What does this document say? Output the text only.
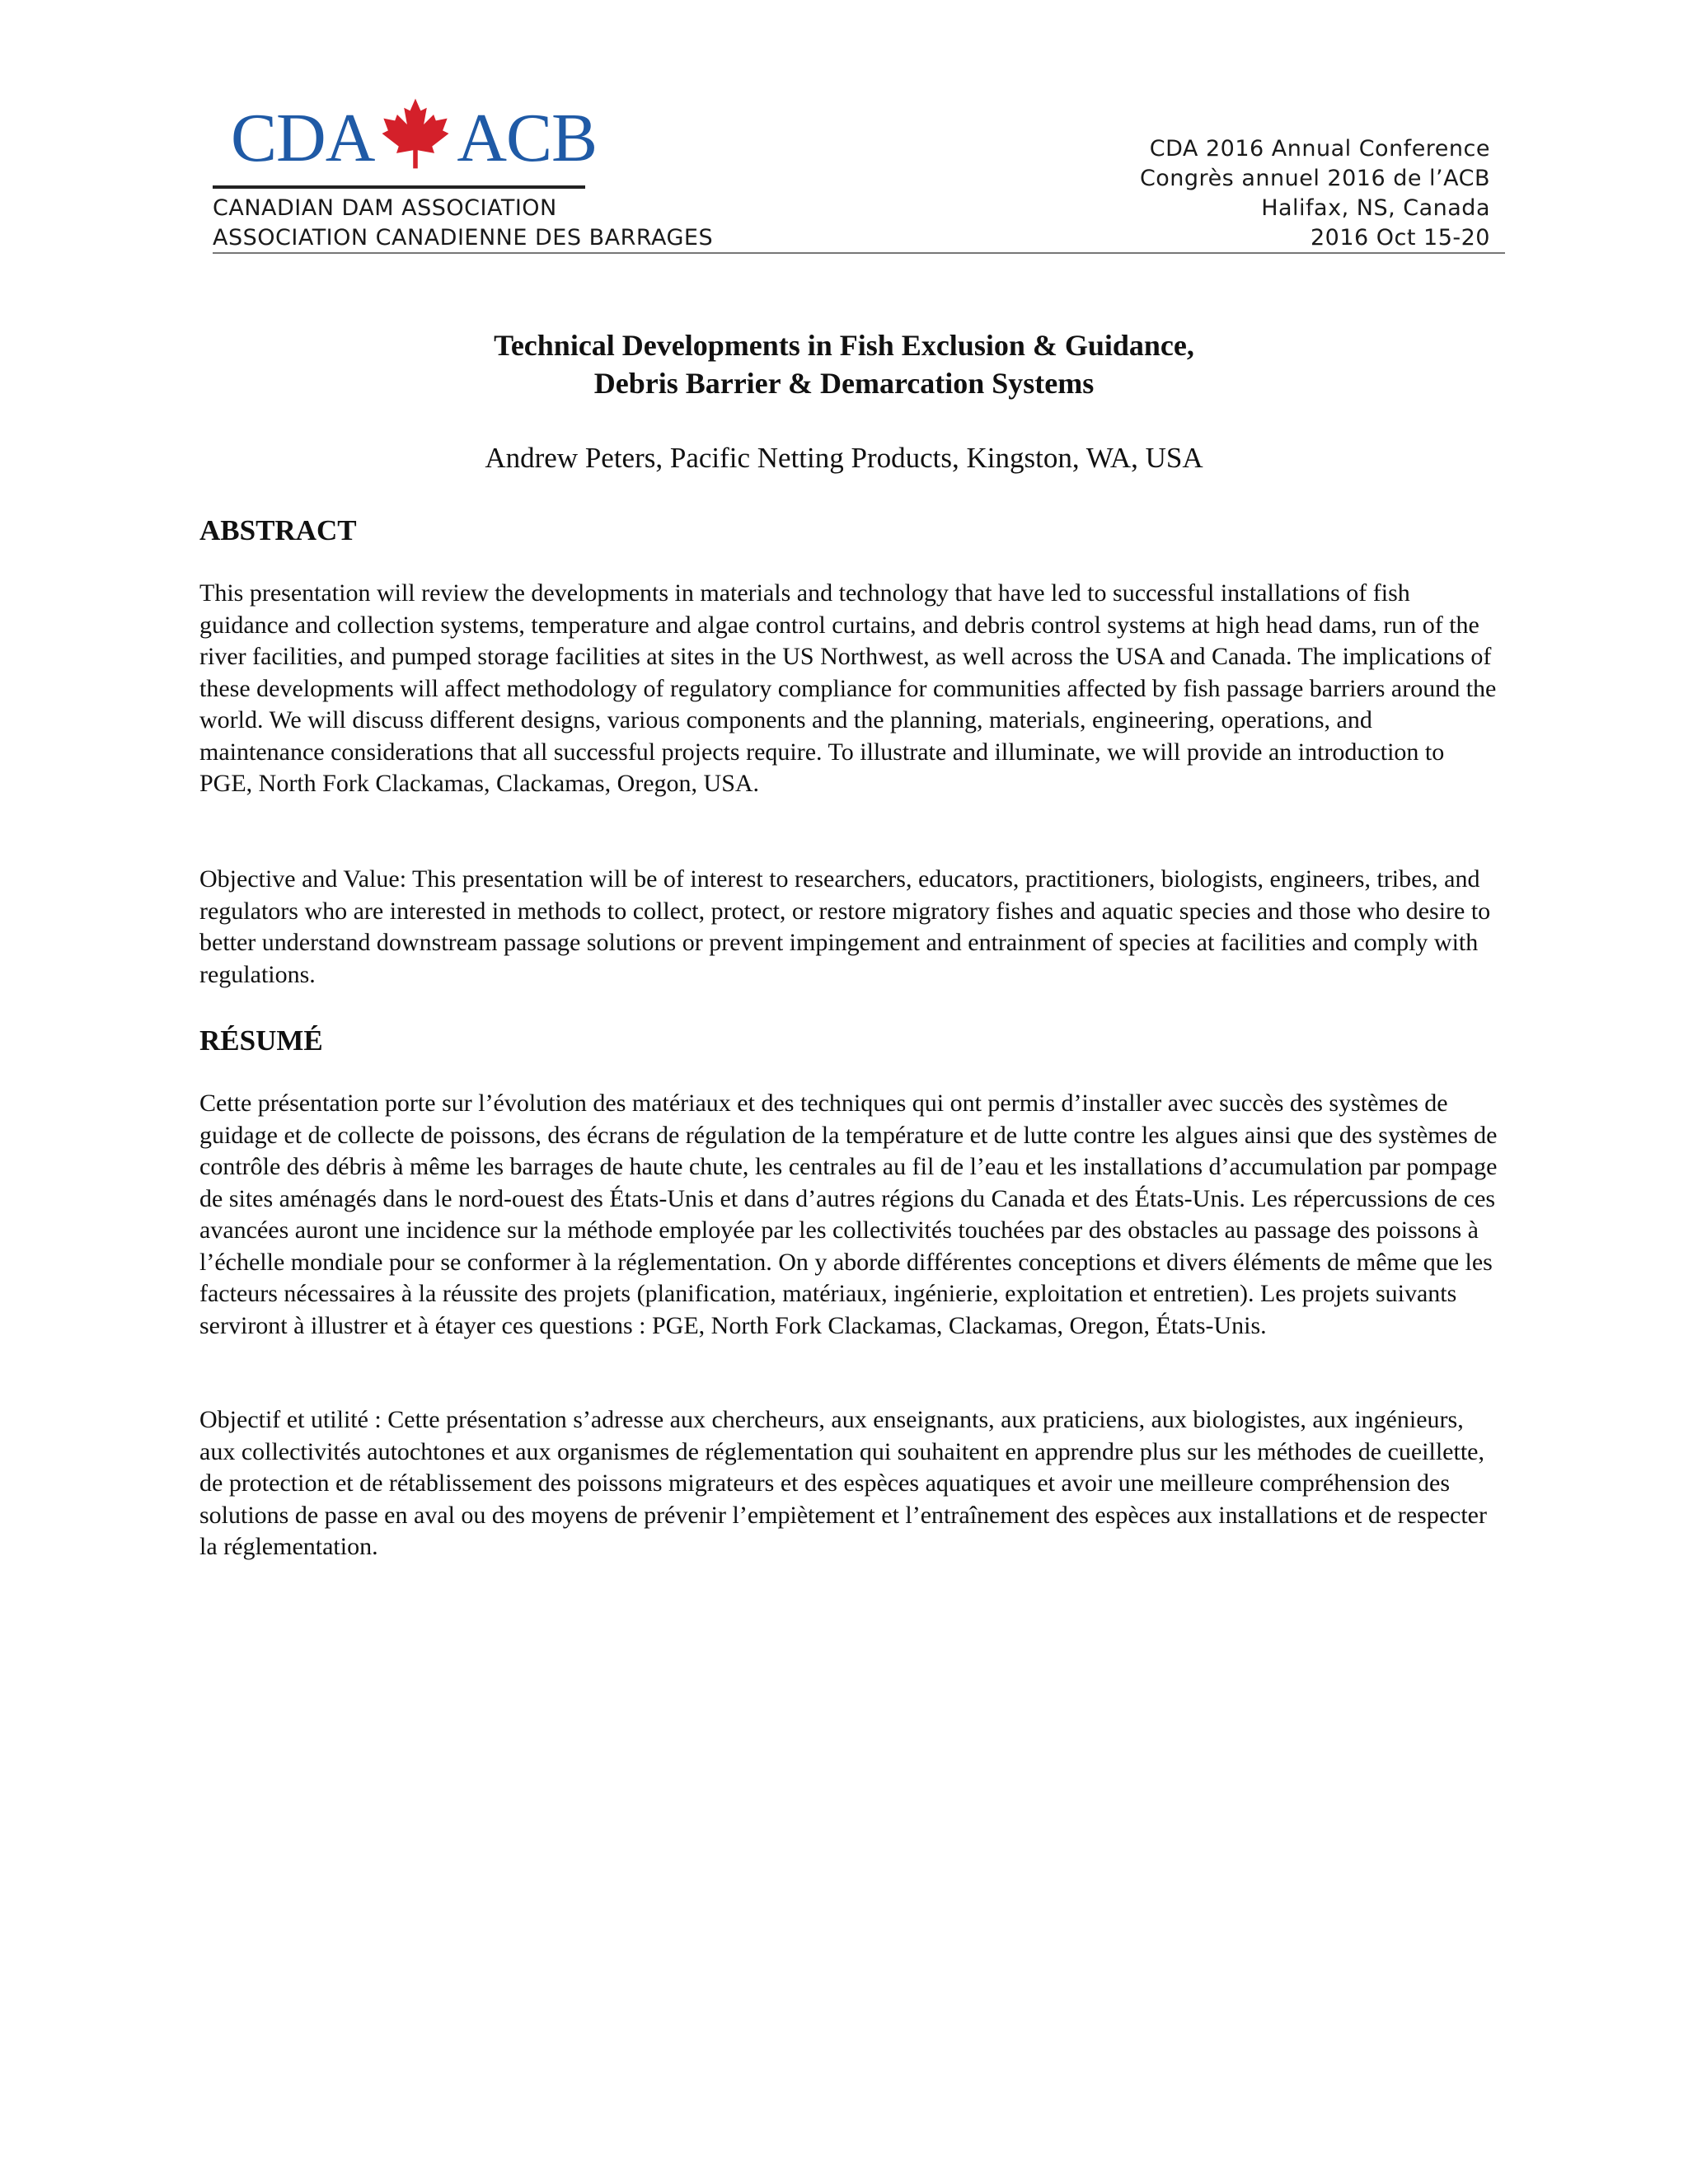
CDA ACB
CANADIAN DAM ASSOCIATION
ASSOCIATION CANADIENNE DES BARRAGES
CDA 2016 Annual Conference
Congrès annuel 2016 de l’ACB
Halifax, NS, Canada
2016 Oct 15-20
Technical Developments in Fish Exclusion & Guidance,
Debris Barrier & Demarcation Systems
Andrew Peters, Pacific Netting Products, Kingston, WA, USA
ABSTRACT
This presentation will review the developments in materials and technology that have led to successful installations of fish guidance and collection systems, temperature and algae control curtains, and debris control systems at high head dams, run of the river facilities, and pumped storage facilities at sites in the US Northwest, as well across the USA and Canada. The implications of these developments will affect methodology of regulatory compliance for communities affected by fish passage barriers around the world. We will discuss different designs, various components and the planning, materials, engineering, operations, and maintenance considerations that all successful projects require. To illustrate and illuminate, we will provide an introduction to PGE, North Fork Clackamas, Clackamas, Oregon, USA.
Objective and Value: This presentation will be of interest to researchers, educators, practitioners, biologists, engineers, tribes, and regulators who are interested in methods to collect, protect, or restore migratory fishes and aquatic species and those who desire to better understand downstream passage solutions or prevent impingement and entrainment of species at facilities and comply with regulations.
RÉSUMÉ
Cette présentation porte sur l’évolution des matériaux et des techniques qui ont permis d’installer avec succès des systèmes de guidage et de collecte de poissons, des écrans de régulation de la température et de lutte contre les algues ainsi que des systèmes de contrôle des débris à même les barrages de haute chute, les centrales au fil de l’eau et les installations d’accumulation par pompage de sites aménagés dans le nord-ouest des États-Unis et dans d’autres régions du Canada et des États-Unis. Les répercussions de ces avancées auront une incidence sur la méthode employée par les collectivités touchées par des obstacles au passage des poissons à l’échelle mondiale pour se conformer à la réglementation. On y aborde différentes conceptions et divers éléments de même que les facteurs nécessaires à la réussite des projets (planification, matériaux, ingénierie, exploitation et entretien). Les projets suivants serviront à illustrer et à étayer ces questions : PGE, North Fork Clackamas, Clackamas, Oregon, États-Unis.
Objectif et utilité : Cette présentation s’adresse aux chercheurs, aux enseignants, aux praticiens, aux biologistes, aux ingénieurs, aux collectivités autochtones et aux organismes de réglementation qui souhaitent en apprendre plus sur les méthodes de cueillette, de protection et de rétablissement des poissons migrateurs et des espèces aquatiques et avoir une meilleure compréhension des solutions de passe en aval ou des moyens de prévenir l’empiètement et l’entraînement des espèces aux installations et de respecter la réglementation.
